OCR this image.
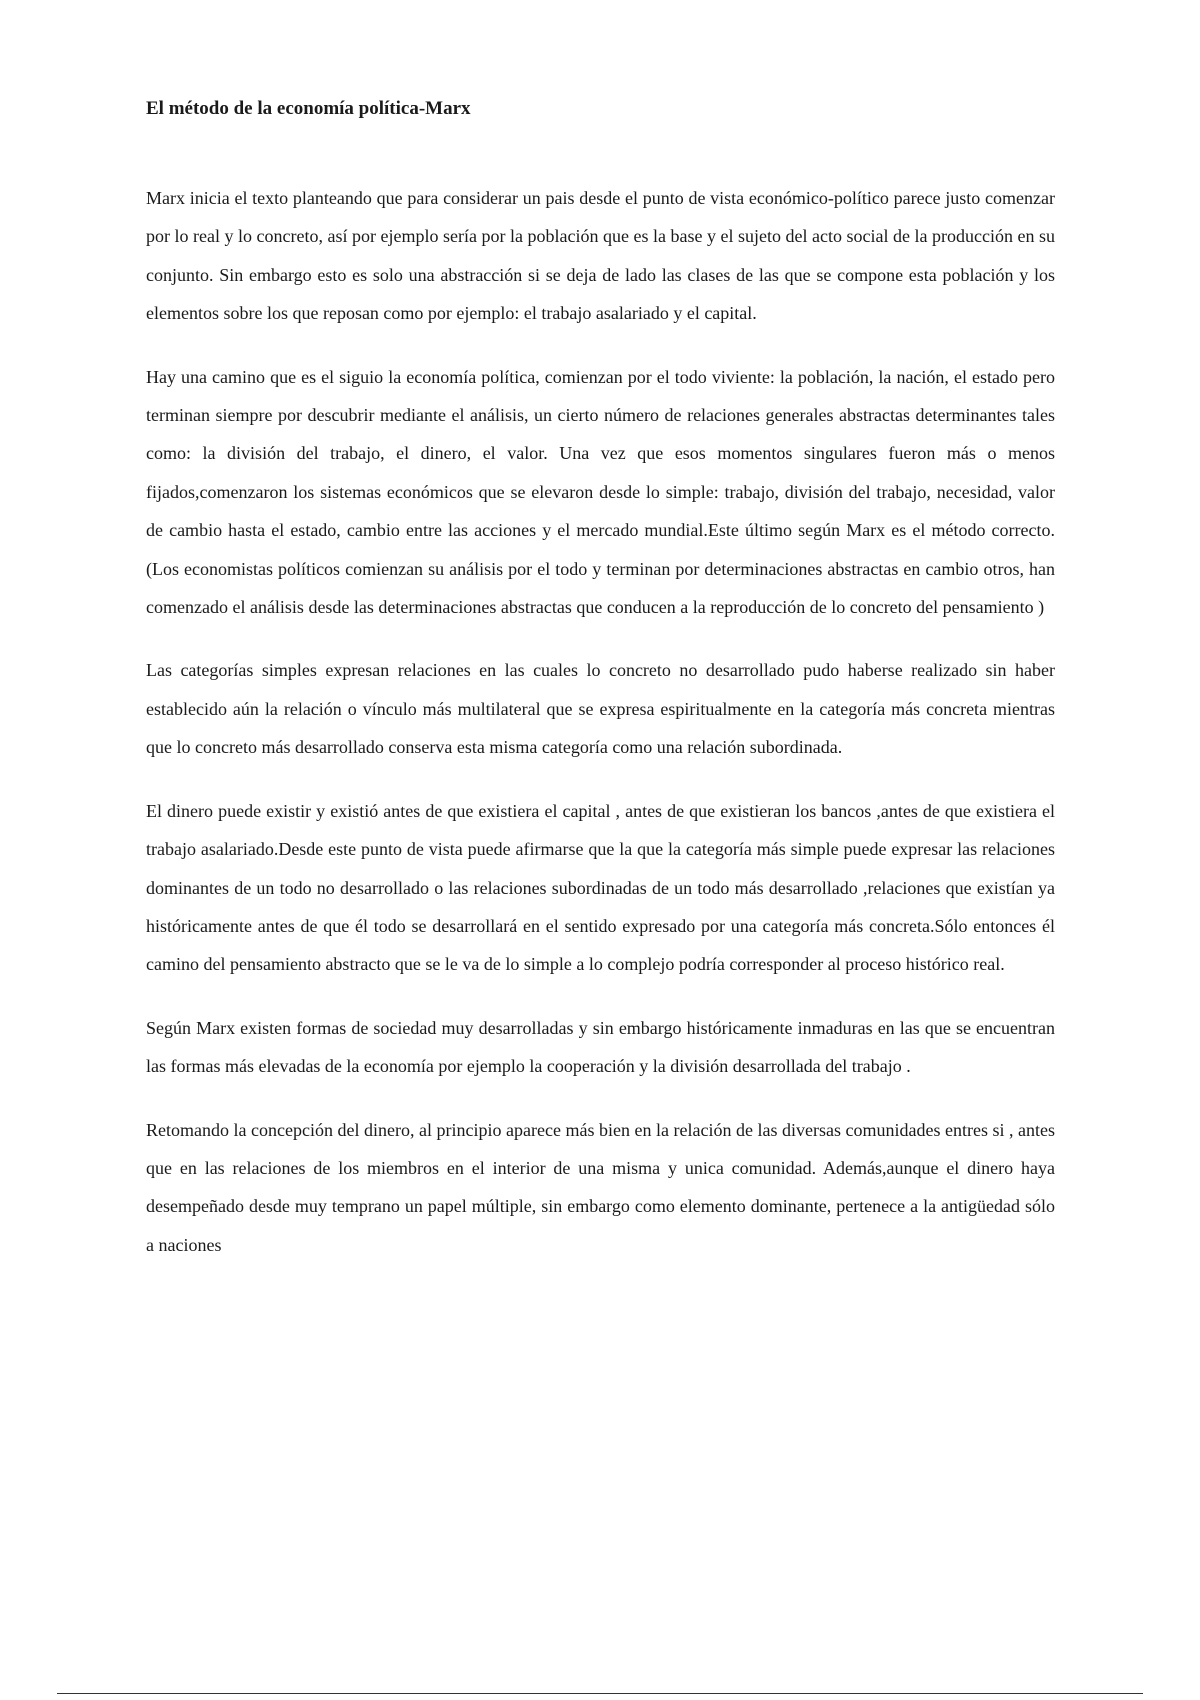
El método de la economía política-Marx

Marx inicia el texto planteando que para considerar un pais desde el punto de vista económico-político parece justo comenzar por lo real y lo concreto, así por ejemplo sería por la población que es la base y el sujeto del acto social de la producción en su conjunto. Sin embargo esto es solo una abstracción si se deja de lado las clases de las que se compone esta población y los elementos sobre los que reposan como por ejemplo: el trabajo asalariado y el capital.

Hay una camino que es el siguio la economía política, comienzan por el todo viviente: la población, la nación, el estado pero terminan siempre por descubrir mediante el análisis, un cierto número de relaciones generales abstractas determinantes tales como: la división del trabajo, el dinero, el valor. Una vez que esos momentos singulares fueron más o menos fijados,comenzaron los sistemas económicos que se elevaron desde lo simple: trabajo, división del trabajo, necesidad, valor de cambio hasta el estado, cambio entre las acciones y el mercado mundial.Este último según Marx es el método correcto. (Los economistas políticos comienzan su análisis por el todo y terminan por determinaciones abstractas en cambio otros, han comenzado el análisis desde las determinaciones abstractas que conducen a la reproducción de lo concreto del pensamiento )

Las categorías simples expresan relaciones en las cuales lo concreto no desarrollado pudo haberse realizado sin haber establecido aún la relación o vínculo más multilateral que se expresa espiritualmente en la categoría más concreta mientras que lo concreto más desarrollado conserva esta misma categoría como una relación subordinada.

El dinero puede existir y existió antes de que existiera el capital , antes de que existieran los bancos ,antes de que existiera el trabajo asalariado.Desde este punto de vista puede afirmarse que la que la categoría más simple puede expresar las relaciones dominantes de un todo no desarrollado o las relaciones subordinadas de un todo más desarrollado ,relaciones que existían ya históricamente antes de que él todo se desarrollará en el sentido expresado por una categoría más concreta.Sólo entonces él camino del pensamiento abstracto que se le va de lo simple a lo complejo podría corresponder al proceso histórico real.

Según Marx existen formas de sociedad muy desarrolladas y sin embargo históricamente inmaduras en las que se encuentran las formas más elevadas de la economía por ejemplo la cooperación y la división desarrollada del trabajo .

Retomando la concepción del dinero, al principio aparece más bien en la relación de las diversas comunidades entres si , antes que en las relaciones de los miembros en el interior de una misma y unica comunidad. Además,aunque el dinero haya desempeñado desde muy temprano un papel múltiple, sin embargo como elemento dominante, pertenece a la antigüedad sólo a naciones
